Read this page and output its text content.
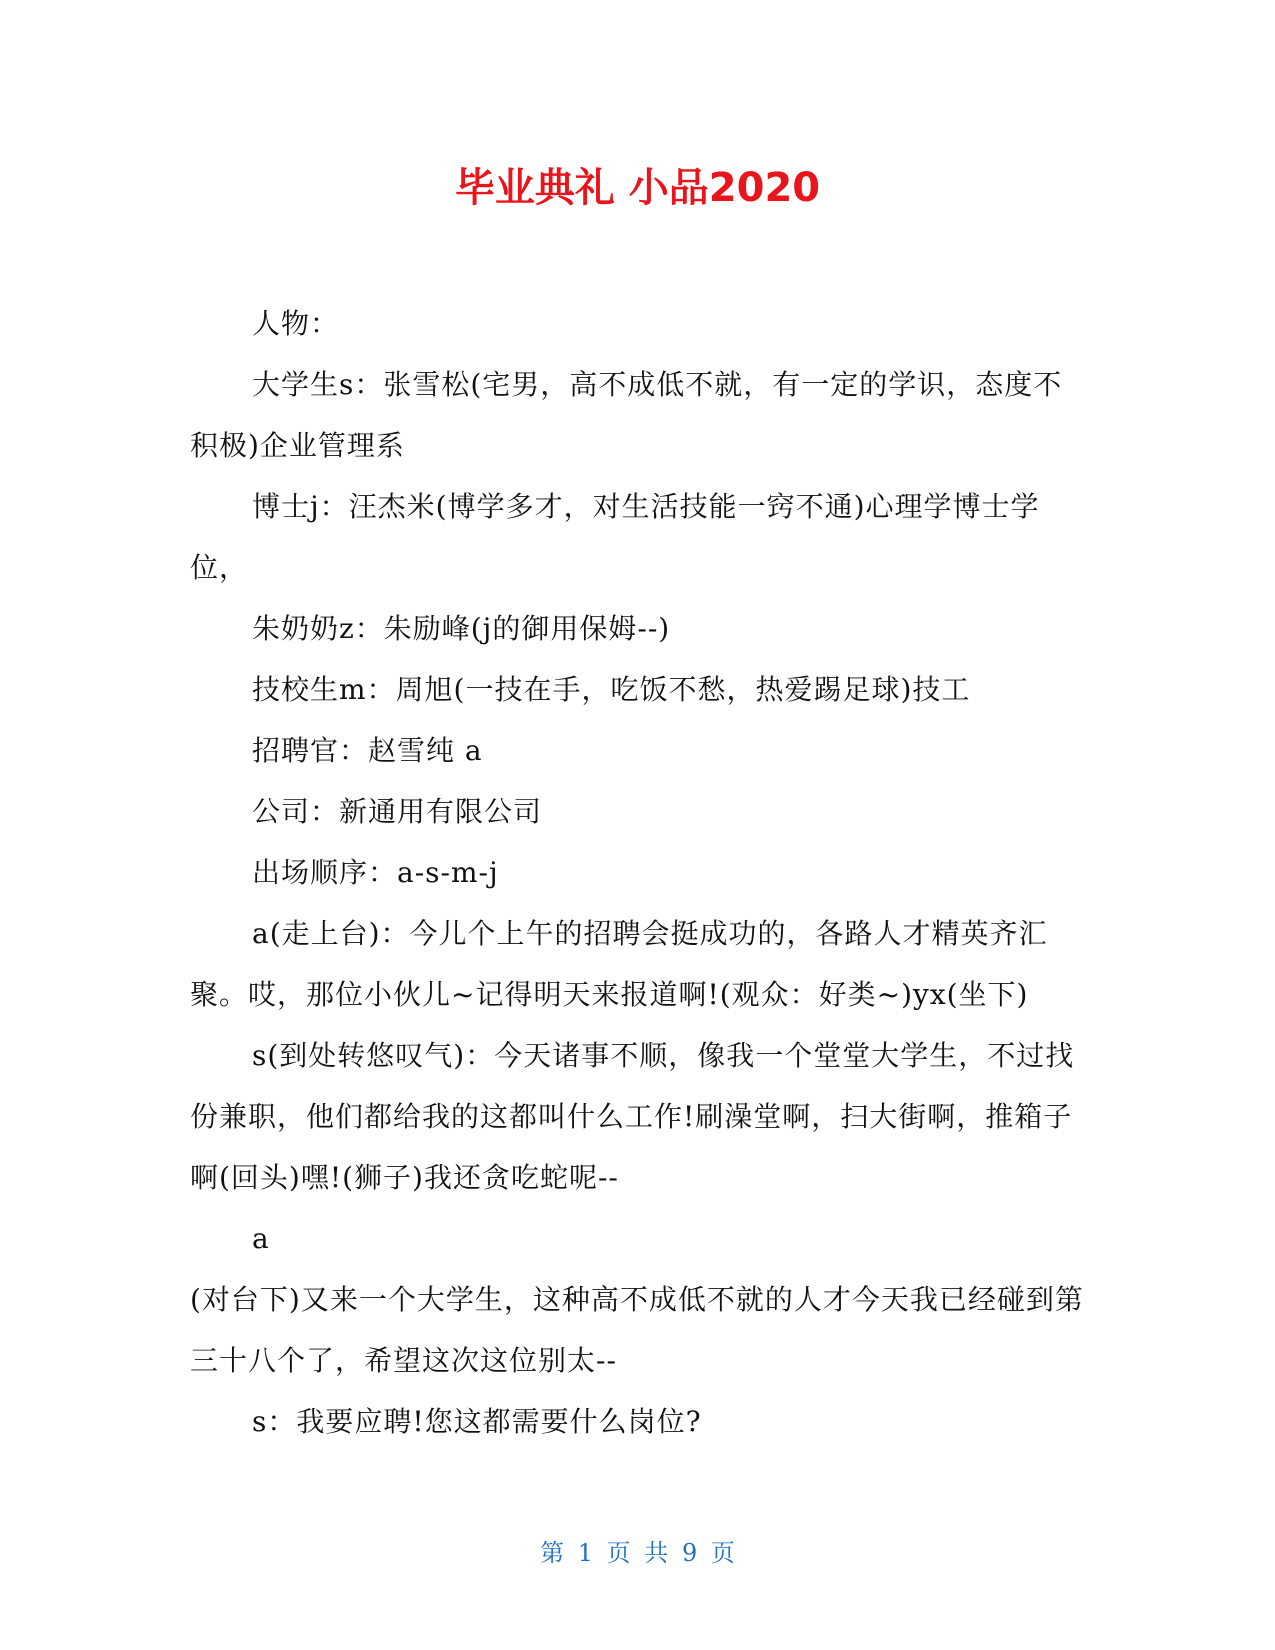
毕业典礼 小品2020

人物：

大学生s：张雪松(宅男，高不成低不就，有一定的学识，态度不积极)企业管理系

博士j：汪杰米(博学多才，对生活技能一窍不通)心理学博士学位，

朱奶奶z：朱励峰(j的御用保姆--)

技校生m：周旭(一技在手，吃饭不愁，热爱踢足球)技工

招聘官：赵雪纯 a

公司：新通用有限公司

出场顺序：a-s-m-j

a(走上台)：今儿个上午的招聘会挺成功的，各路人才精英齐汇聚。哎，那位小伙儿~记得明天来报道啊!(观众：好类~)yx(坐下)

s(到处转悠叹气)：今天诸事不顺，像我一个堂堂大学生，不过找份兼职，他们都给我的这都叫什么工作!刷澡堂啊，扫大街啊，推箱子啊(回头)嘿!(狮子)我还贪吃蛇呢--

a

(对台下)又来一个大学生，这种高不成低不就的人才今天我已经碰到第三十八个了，希望这次这位别太--

s：我要应聘!您这都需要什么岗位?

第 1 页 共 9 页
